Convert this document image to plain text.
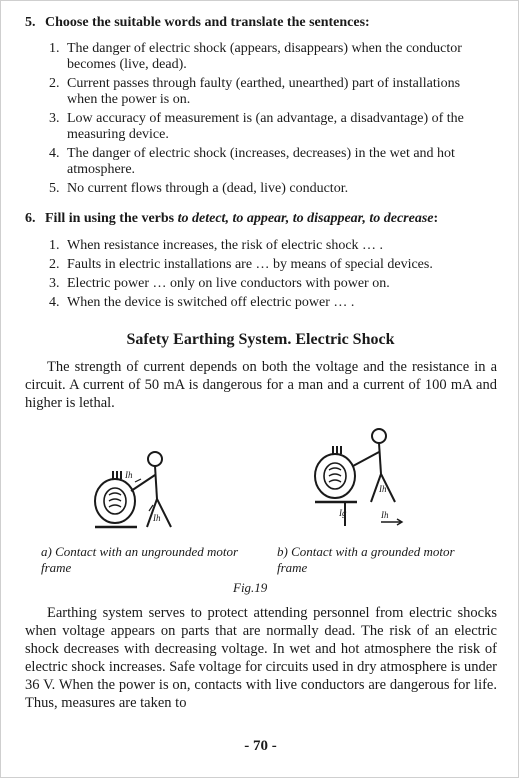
5. Choose the suitable words and translate the sentences:
1. The danger of electric shock (appears, disappears) when the conductor becomes (live, dead).
2. Current passes through faulty (earthed, unearthed) part of installations when the power is on.
3. Low accuracy of measurement is (an advantage, a disadvantage) of the measuring device.
4. The danger of electric shock (increases, decreases) in the wet and hot atmosphere.
5. No current flows through a (dead, live) conductor.
6. Fill in using the verbs to detect, to appear, to disappear, to decrease:
1. When resistance increases, the risk of electric shock … .
2. Faults in electric installations are … by means of special devices.
3. Electric power … only on live conductors with power on.
4. When the device is switched off electric power … .
Safety Earthing System. Electric Shock
The strength of current depends on both the voltage and the resistance in a circuit. A current of 50 mA is dangerous for a man and a current of 100 mA and higher is lethal.
Ih
Ih	Ig
Ih
Ih
a) Contact with an ungrounded motor frame
b) Contact with a grounded motor frame
Fig.19
Earthing system serves to protect attending personnel from electric shocks when voltage appears on parts that are normally dead. The risk of an electric shock decreases with decreasing voltage. In wet and hot atmosphere the risk of electric shock increases. Safe voltage for circuits used in dry atmosphere is under 36 V. When the power is on, contacts with live conductors are dangerous for life. Thus, measures are taken to
- 70 -
